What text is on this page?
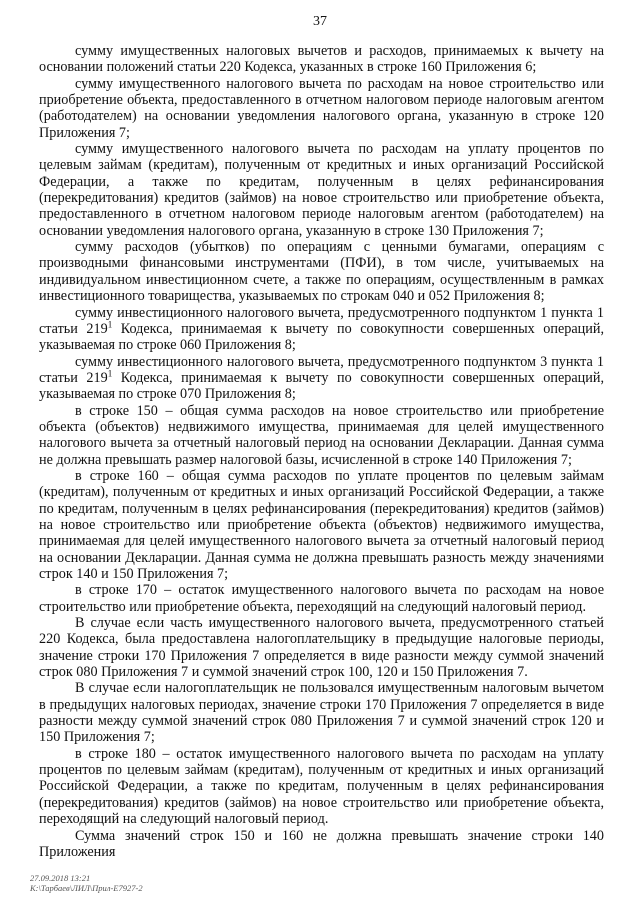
37

сумму имущественных налоговых вычетов и расходов, принимаемых к вычету на основании положений статьи 220 Кодекса, указанных в строке 160 Приложения 6;

сумму имущественного налогового вычета по расходам на новое строительство или приобретение объекта, предоставленного в отчетном налоговом периоде налоговым агентом (работодателем) на основании уведомления налогового органа, указанную в строке 120 Приложения 7;

сумму имущественного налогового вычета по расходам на уплату процентов по целевым займам (кредитам), полученным от кредитных и иных организаций Российской Федерации, а также по кредитам, полученным в целях рефинансирования (перекредитования) кредитов (займов) на новое строительство или приобретение объекта, предоставленного в отчетном налоговом периоде налоговым агентом (работодателем) на основании уведомления налогового органа, указанную в строке 130 Приложения 7;

сумму расходов (убытков) по операциям с ценными бумагами, операциям с производными финансовыми инструментами (ПФИ), в том числе, учитываемых на индивидуальном инвестиционном счете, а также по операциям, осуществленным в рамках инвестиционного товарищества, указываемых по строкам 040 и 052 Приложения 8;

сумму инвестиционного налогового вычета, предусмотренного подпунктом 1 пункта 1 статьи $219^1$ Кодекса, принимаемая к вычету по совокупности совершенных операций, указываемая по строке 060 Приложения 8;

сумму инвестиционного налогового вычета, предусмотренного подпунктом 3 пункта 1 статьи $219^1$ Кодекса, принимаемая к вычету по совокупности совершенных операций, указываемая по строке 070 Приложения 8;

в строке 150 – общая сумма расходов на новое строительство или приобретение объекта (объектов) недвижимого имущества, принимаемая для целей имущественного налогового вычета за отчетный налоговый период на основании Декларации. Данная сумма не должна превышать размер налоговой базы, исчисленной в строке 140 Приложения 7;

в строке 160 – общая сумма расходов по уплате процентов по целевым займам (кредитам), полученным от кредитных и иных организаций Российской Федерации, а также по кредитам, полученным в целях рефинансирования (перекредитования) кредитов (займов) на новое строительство или приобретение объекта (объектов) недвижимого имущества, принимаемая для целей имущественного налогового вычета за отчетный налоговый период на основании Декларации. Данная сумма не должна превышать разность между значениями строк 140 и 150 Приложения 7;

в строке 170 – остаток имущественного налогового вычета по расходам на новое строительство или приобретение объекта, переходящий на следующий налоговый период.

В случае если часть имущественного налогового вычета, предусмотренного статьей 220 Кодекса, была предоставлена налогоплательщику в предыдущие налоговые периоды, значение строки 170 Приложения 7 определяется в виде разности между суммой значений строк 080 Приложения 7 и суммой значений строк 100, 120 и 150 Приложения 7.

В случае если налогоплательщик не пользовался имущественным налоговым вычетом в предыдущих налоговых периодах, значение строки 170 Приложения 7 определяется в виде разности между суммой значений строк 080 Приложения 7 и суммой значений строк 120 и 150 Приложения 7;

в строке 180 – остаток имущественного налогового вычета по расходам на уплату процентов по целевым займам (кредитам), полученным от кредитных и иных организаций Российской Федерации, а также по кредитам, полученным в целях рефинансирования (перекредитования) кредитов (займов) на новое строительство или приобретение объекта, переходящий на следующий налоговый период.

Сумма значений строк 150 и 160 не должна превышать значение строки 140 Приложения

27.09.2018 13:21
К:\Тарбаев\ЛИЛ\Прил-Е7927-2
